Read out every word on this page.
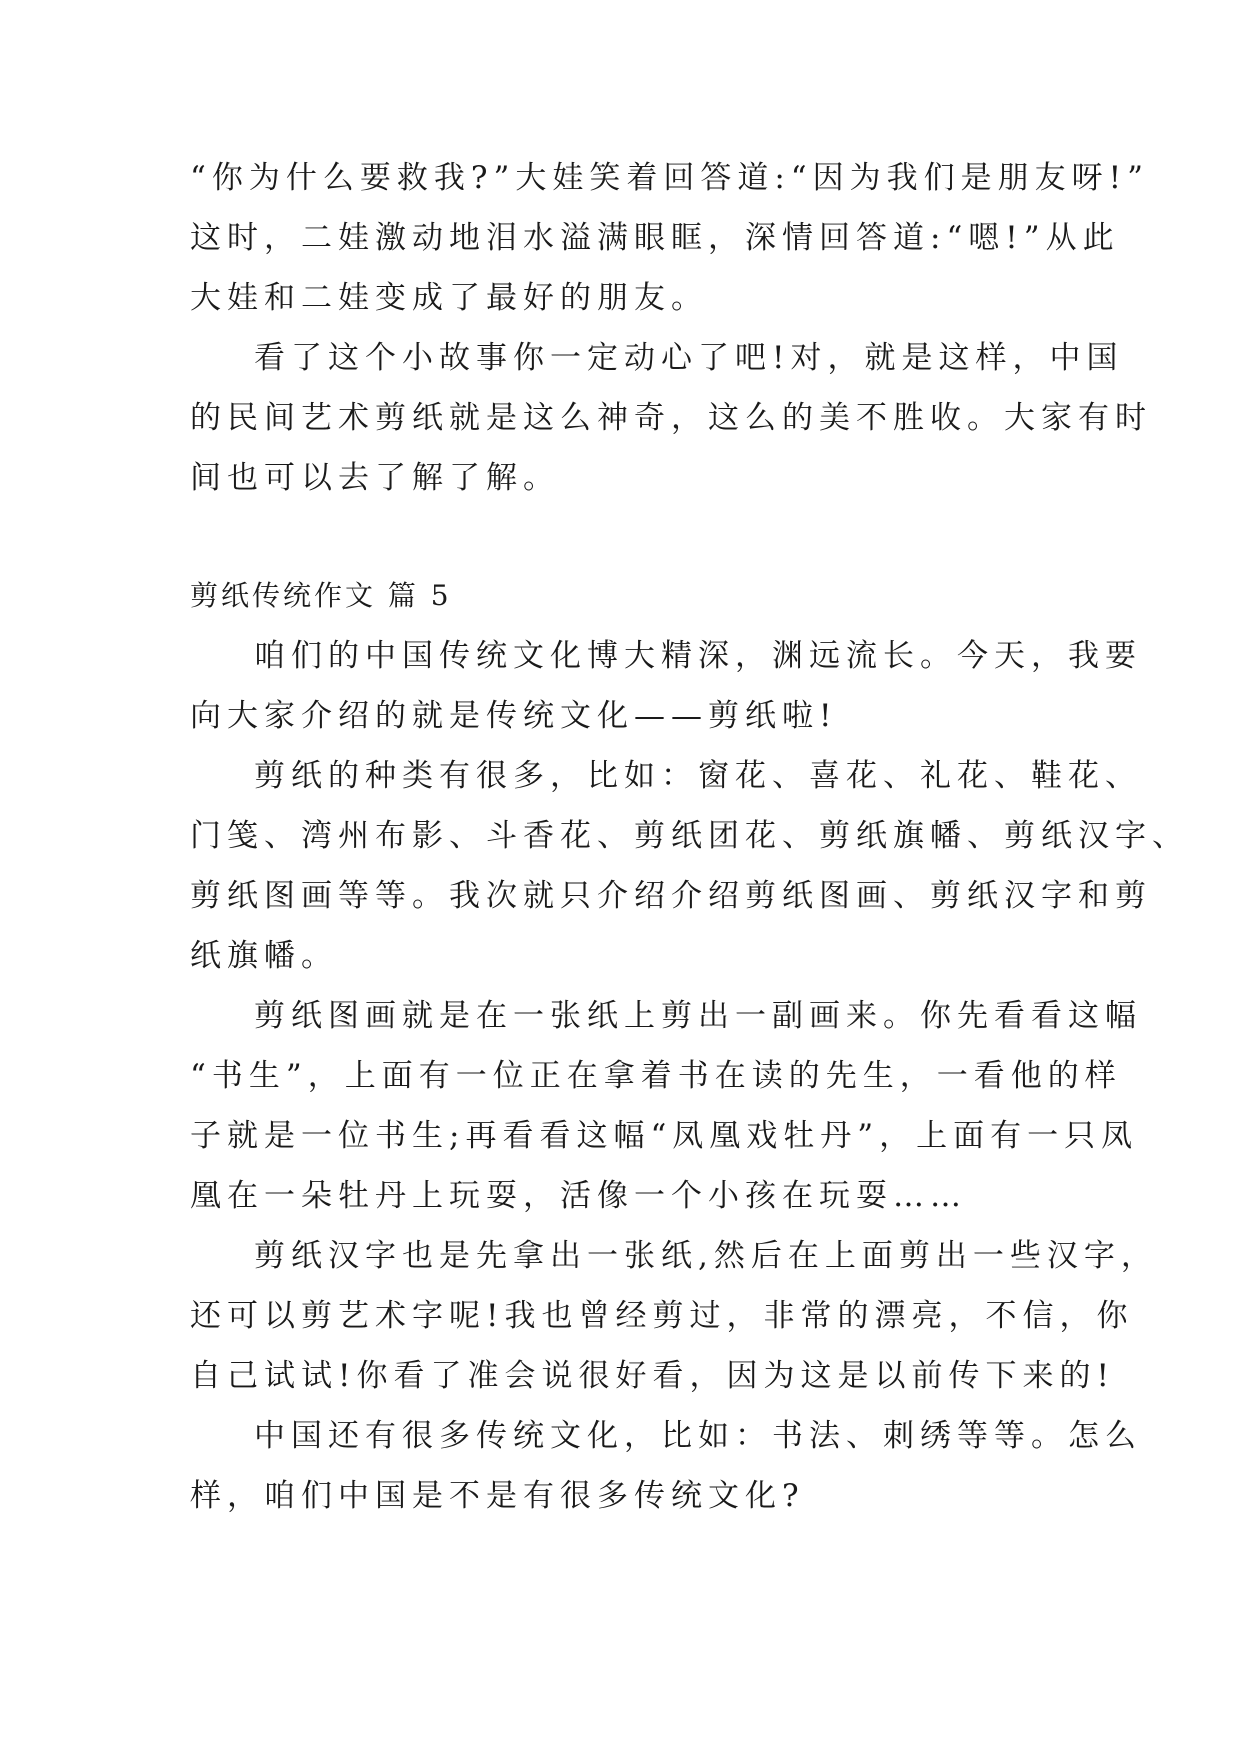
“你为什么要救我?”大娃笑着回答道:“因为我们是朋友呀!”
这时，二娃激动地泪水溢满眼眶，深情回答道:“嗯!”从此
大娃和二娃变成了最好的朋友。
看了这个小故事你一定动心了吧!对，就是这样，中国
的民间艺术剪纸就是这么神奇，这么的美不胜收。大家有时
间也可以去了解了解。
剪纸传统作文 篇 5
咱们的中国传统文化博大精深，渊远流长。今天，我要
向大家介绍的就是传统文化——剪纸啦!
剪纸的种类有很多，比如：窗花、喜花、礼花、鞋花、
门笺、湾州布影、斗香花、剪纸团花、剪纸旗幡、剪纸汉字、
剪纸图画等等。我次就只介绍介绍剪纸图画、剪纸汉字和剪
纸旗幡。
剪纸图画就是在一张纸上剪出一副画来。你先看看这幅
“书生”，上面有一位正在拿着书在读的先生，一看他的样
子就是一位书生;再看看这幅“凤凰戏牡丹”，上面有一只凤
凰在一朵牡丹上玩耍，活像一个小孩在玩耍……
剪纸汉字也是先拿出一张纸,然后在上面剪出一些汉字，
还可以剪艺术字呢!我也曾经剪过，非常的漂亮，不信，你
自己试试!你看了准会说很好看，因为这是以前传下来的!
中国还有很多传统文化，比如：书法、刺绣等等。怎么
样，咱们中国是不是有很多传统文化?
